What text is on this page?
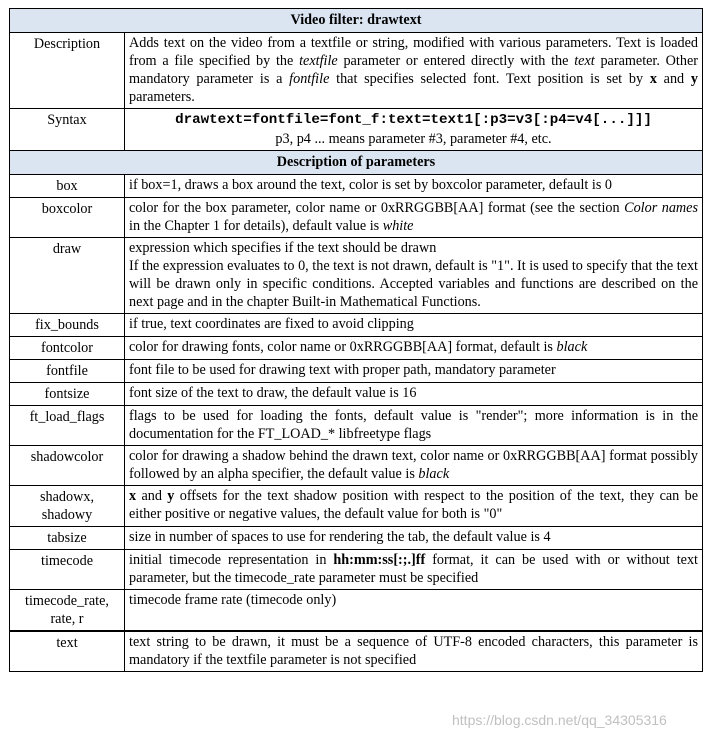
Video filter: drawtext	
Description	Adds text on the video from a textfile or string, modified with various parameters. Text is loaded from a file specified by the textfile parameter or entered directly with the text parameter. Other mandatory parameter is a fontfile that specifies selected font. Text position is set by x and y parameters.
Syntax	drawtext=fontfile=font_f:text=text1[:p3=v3[:p4=v4[...]]]
p3, p4 ... means parameter #3, parameter #4, etc.
Description of parameters	
box	if box=1, draws a box around the text, color is set by boxcolor parameter, default is 0
boxcolor	color for the box parameter, color name or 0xRRGGBB[AA] format (see the section Color names in the Chapter 1 for details), default value is white
draw	expression which specifies if the text should be drawn
If the expression evaluates to 0, the text is not drawn, default is "1". It is used to specify that the text will be drawn only in specific conditions. Accepted variables and functions are described on the next page and in the chapter Built-in Mathematical Functions.

fix_bounds	if true, text coordinates are fixed to avoid clipping
fontcolor	color for drawing fonts, color name or 0xRRGGBB[AA] format, default is black
fontfile	font file to be used for drawing text with proper path, mandatory parameter
fontsize	font size of the text to draw, the default value is 16
ft_load_flags	flags to be used for loading the fonts, default value is "render"; more information is in the documentation for the FT_LOAD_* libfreetype flags
shadowcolor	color for drawing a shadow behind the drawn text, color name or 0xRRGGBB[AA] format possibly followed by an alpha specifier, the default value is black
shadowx,
shadowy	x and y offsets for the text shadow position with respect to the position of the text, they can be either positive or negative values, the default value for both is "0"
tabsize	size in number of spaces to use for rendering the tab, the default value is 4
timecode	initial timecode representation in hh:mm:ss[:;.]ff format, it can be used with or without text parameter, but the timecode_rate parameter must be specified
timecode_rate,
rate, r	timecode frame rate (timecode only)
text	text string to be drawn, it must be a sequence of UTF-8 encoded characters, this parameter is mandatory if the textfile parameter is not specified
https://blog.csdn.net/qq_34305316
